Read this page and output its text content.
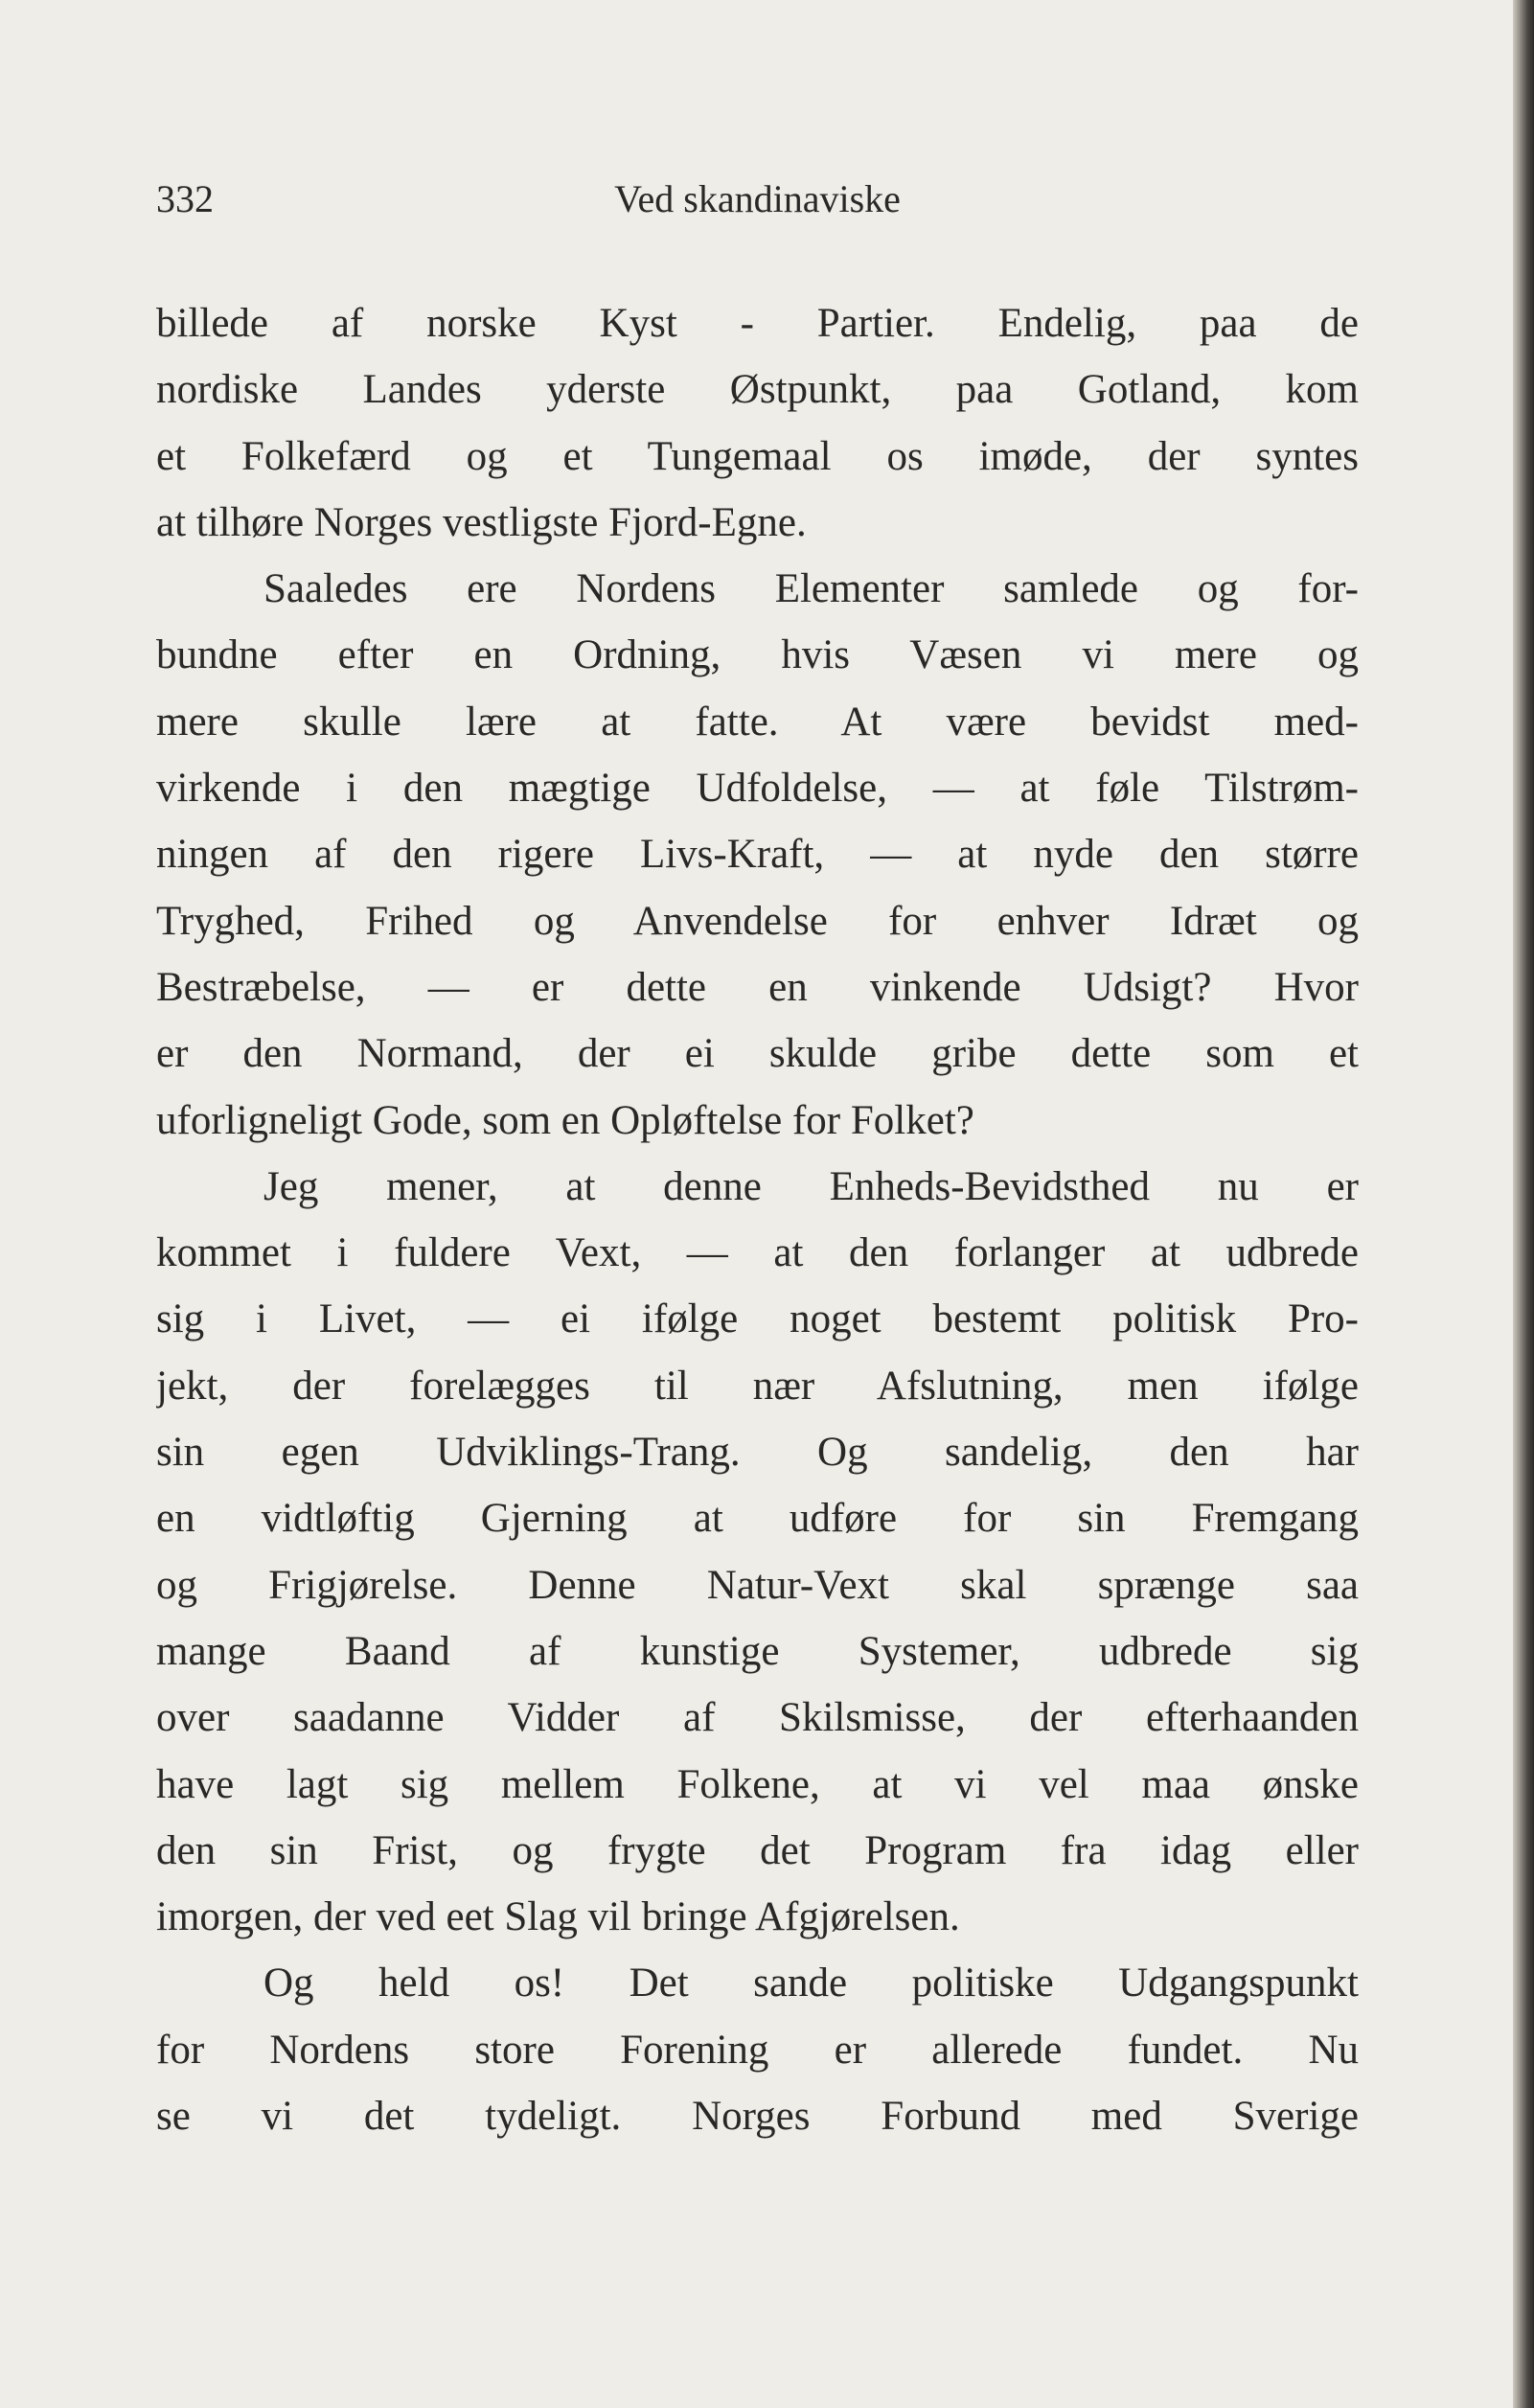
332	Ved skandinaviske
billede af norske Kyst - Partier. Endelig, paa de
nordiske Landes yderste Østpunkt, paa Gotland, kom
et Folkefærd og et Tungemaal os imøde, der syntes
at tilhøre Norges vestligste Fjord-Egne.
Saaledes ere Nordens Elementer samlede og for-
bundne efter en Ordning, hvis Væsen vi mere og
mere skulle lære at fatte. At være bevidst med-
virkende i den mægtige Udfoldelse, — at føle Tilstrøm-
ningen af den rigere Livs-Kraft, — at nyde den større
Tryghed, Frihed og Anvendelse for enhver Idræt og
Bestræbelse, — er dette en vinkende Udsigt? Hvor
er den Normand, der ei skulde gribe dette som et
uforligneligt Gode, som en Opløftelse for Folket?
Jeg mener, at denne Enheds-Bevidsthed nu er
kommet i fuldere Vext, — at den forlanger at udbrede
sig i Livet, — ei ifølge noget bestemt politisk Pro-
jekt, der forelægges til nær Afslutning, men ifølge
sin egen Udviklings-Trang. Og sandelig, den har
en vidtløftig Gjerning at udføre for sin Fremgang
og Frigjørelse. Denne Natur-Vext skal sprænge saa
mange Baand af kunstige Systemer, udbrede sig
over saadanne Vidder af Skilsmisse, der efterhaanden
have lagt sig mellem Folkene, at vi vel maa ønske
den sin Frist, og frygte det Program fra idag eller
imorgen, der ved eet Slag vil bringe Afgjørelsen.
Og held os! Det sande politiske Udgangspunkt
for Nordens store Forening er allerede fundet. Nu
se vi det tydeligt. Norges Forbund med Sverige
